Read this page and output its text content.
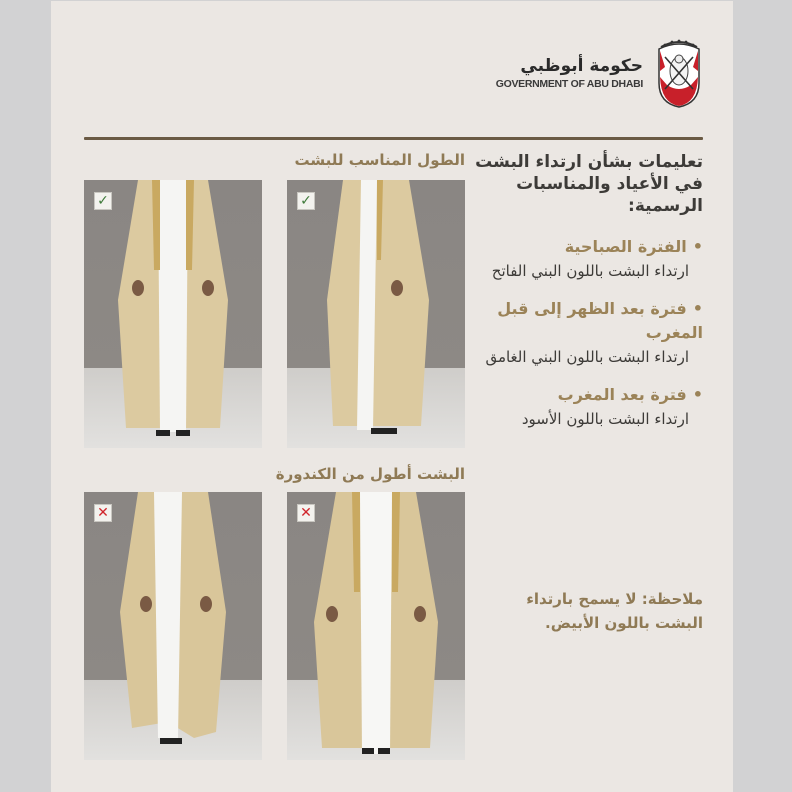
حكومة أبوظبي
GOVERNMENT OF ABU DHABI
تعليمات بشأن ارتداء البشت في الأعياد والمناسبات الرسمية:
•الفترة الصباحية
ارتداء البشت باللون البني الفاتح
•فترة بعد الظهر إلى قبل المغرب
ارتداء البشت باللون البني الغامق
•فترة بعد المغرب
ارتداء البشت باللون الأسود
ملاحظة: لا يسمح بارتداء البشت باللون الأبيض.
الطول المناسب للبشت
البشت أطول من الكندورة
✓	✓
✕	✕
